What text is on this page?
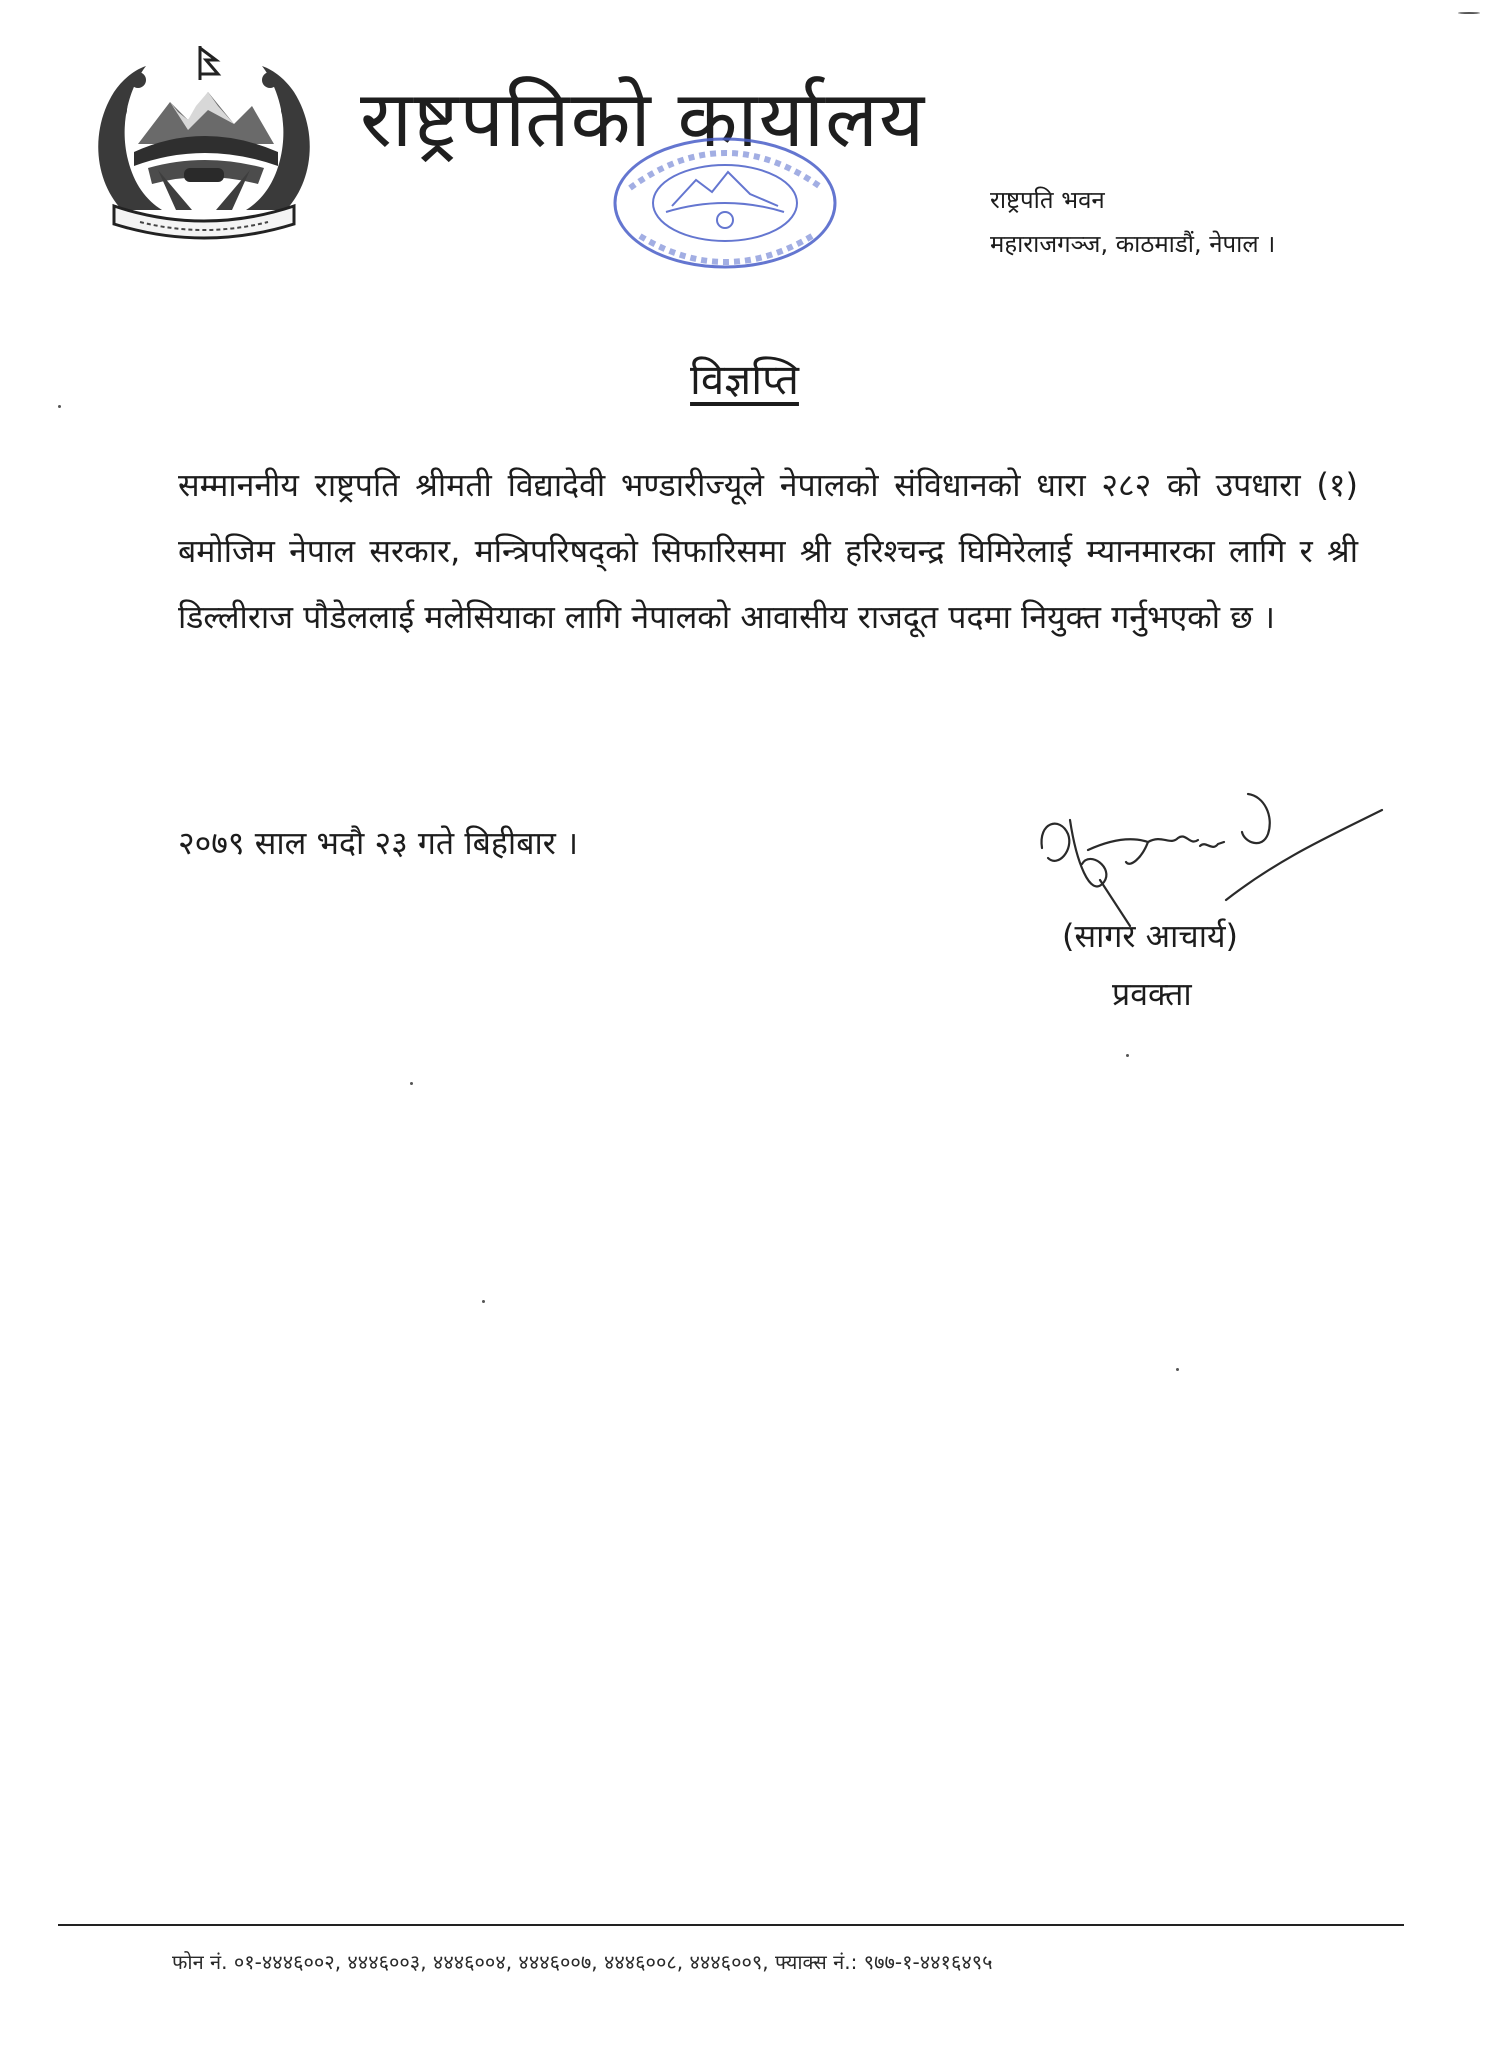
राष्ट्रपतिको कार्यालय
राष्ट्रपति भवन
महाराजगञ्ज, काठमाडौं, नेपाल ।
विज्ञप्ति
सम्माननीय राष्ट्रपति श्रीमती विद्यादेवी भण्डारीज्यूले नेपालको संविधानको धारा २८२ को उपधारा (१) बमोजिम नेपाल सरकार, मन्त्रिपरिषद्को सिफारिसमा श्री हरिश्चन्द्र घिमिरेलाई म्यानमारका लागि र श्री डिल्लीराज पौडेललाई मलेसियाका लागि नेपालको आवासीय राजदूत पदमा नियुक्त गर्नुभएको छ ।
२०७९ साल भदौ २३ गते बिहीबार ।
(सागर आचार्य)
प्रवक्ता
फोन नं. ०१-४४४६००२, ४४४६००३, ४४४६००४, ४४४६००७, ४४४६००८, ४४४६००९, फ्याक्स नं.: ९७७-१-४४१६४९५
